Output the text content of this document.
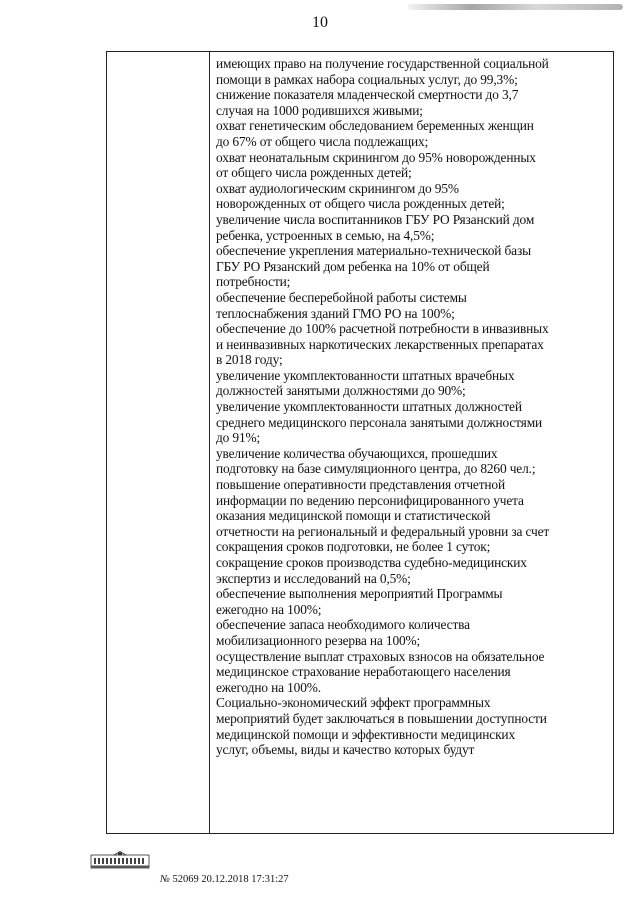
10
имеющих право на получение государственной социальной
помощи в рамках набора социальных услуг, до 99,3%;
снижение показателя младенческой смертности до 3,7
случая на 1000 родившихся живыми;
охват генетическим обследованием беременных женщин
до 67% от общего числа подлежащих;
охват неонатальным скринингом до 95% новорожденных
от общего числа рожденных детей;
охват аудиологическим скринингом до 95%
новорожденных от общего числа рожденных детей;
увеличение числа воспитанников ГБУ РО Рязанский дом
ребенка, устроенных в семью, на 4,5%;
обеспечение укрепления материально-технической базы
ГБУ РО Рязанский дом ребенка на 10% от общей
потребности;
обеспечение бесперебойной работы системы
теплоснабжения зданий ГМО РО на 100%;
обеспечение до 100% расчетной потребности в инвазивных
и неинвазивных наркотических лекарственных препаратах
в 2018 году;
увеличение укомплектованности штатных врачебных
должностей занятыми должностями до 90%;
увеличение укомплектованности штатных должностей
среднего медицинского персонала занятыми должностями
до 91%;
увеличение количества обучающихся, прошедших
подготовку на базе симуляционного центра, до 8260 чел.;
повышение оперативности представления отчетной
информации по ведению персонифицированного учета
оказания медицинской помощи и статистической
отчетности на региональный и федеральный уровни за счет
сокращения сроков подготовки, не более 1 суток;
сокращение сроков производства судебно-медицинских
экспертиз и исследований на 0,5%;
обеспечение выполнения мероприятий Программы
ежегодно на 100%;
обеспечение запаса необходимого количества
мобилизационного резерва на 100%;
осуществление выплат страховых взносов на обязательное
медицинское страхование неработающего населения
ежегодно на 100%.
Социально-экономический эффект программных
мероприятий будет заключаться в повышении доступности
медицинской помощи и эффективности медицинских
услуг, объемы, виды и качество которых будут
№ 52069 20.12.2018 17:31:27
